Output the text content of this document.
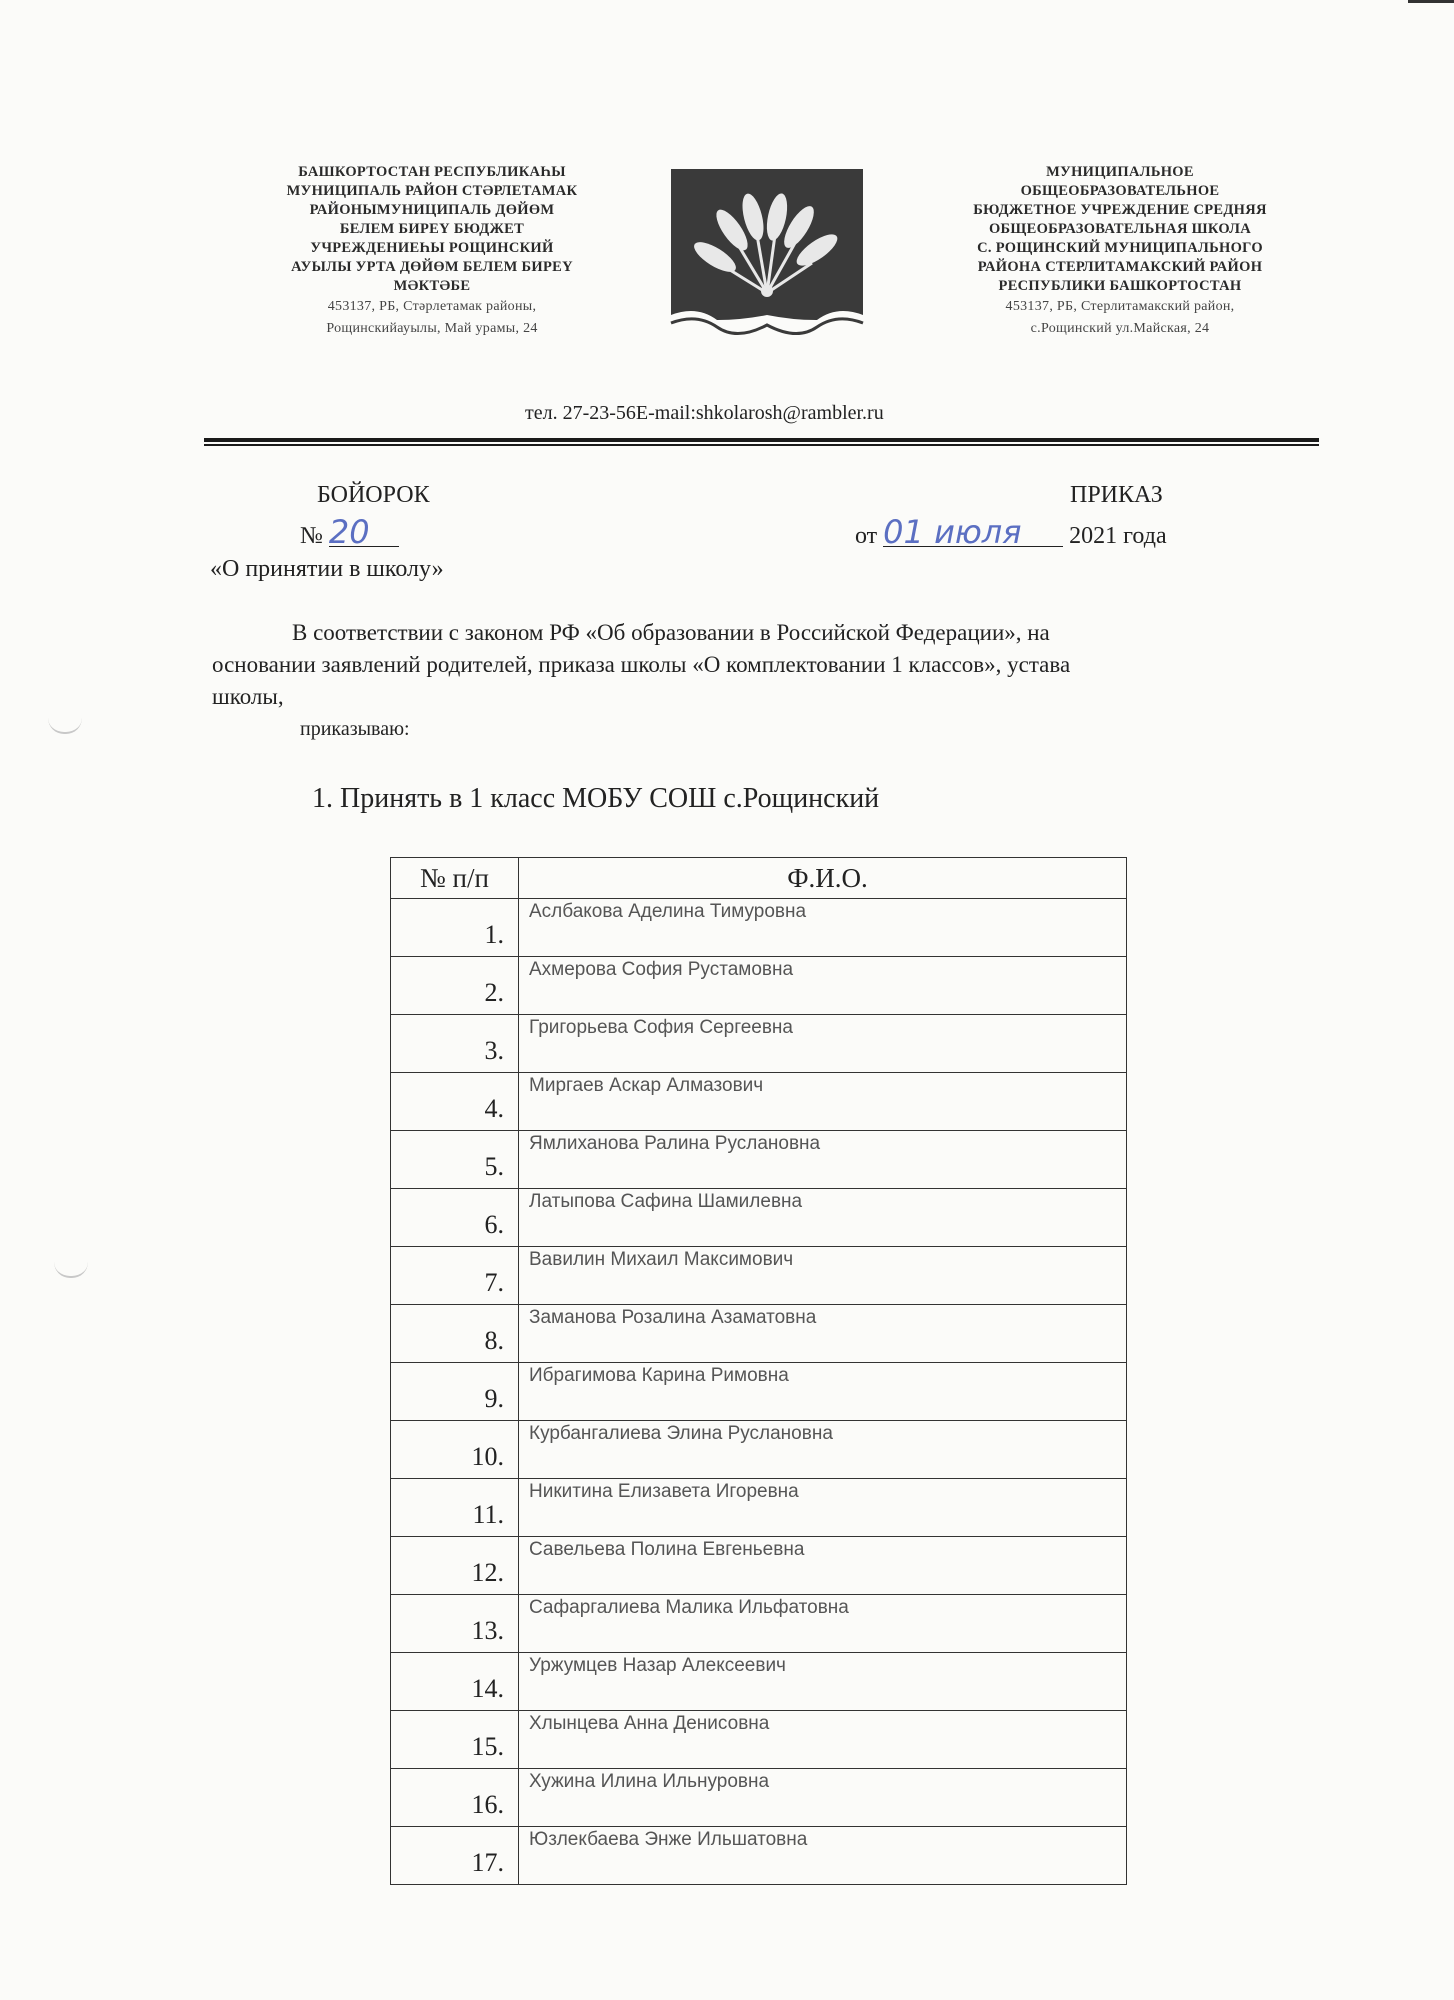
БАШКОРТОСТАН РЕСПУБЛИКАҺЫ
МУНИЦИПАЛЬ РАЙОН СТӘРЛЕТАМАК
РАЙОНЫМУНИЦИПАЛЬ ДӨЙӨМ
БЕЛЕМ БИРЕҮ БЮДЖЕТ
УЧРЕЖДЕНИЕҺЫ РОЩИНСКИЙ
АУЫЛЫ УРТА ДӨЙӨМ БЕЛЕМ БИРЕҮ
МӘКТӘБЕ
453137, РБ, Стәрлетамак районы,
Рощинскийауылы, Май урамы, 24
МУНИЦИПАЛЬНОЕ
ОБЩЕОБРАЗОВАТЕЛЬНОЕ
БЮДЖЕТНОЕ УЧРЕЖДЕНИЕ СРЕДНЯЯ
ОБЩЕОБРАЗОВАТЕЛЬНАЯ ШКОЛА
С. РОЩИНСКИЙ МУНИЦИПАЛЬНОГО
РАЙОНА СТЕРЛИТАМАКСКИЙ РАЙОН
РЕСПУБЛИКИ БАШКОРТОСТАН
453137, РБ, Стерлитамакский район,
с.Рощинский ул.Майская, 24
тел. 27-23-56E-mail:shkolarosh@rambler.ru
БОЙОРОК
№ 20
«О принятии в школу»
ПРИКАЗ
от 01 июля 2021 года
В соответствии с законом РФ «Об образовании в Российской Федерации», на
основании заявлений родителей, приказа школы «О комплектовании 1 классов», устава
школы,
приказываю:
1. Принять в 1 класс МОБУ СОШ с.Рощинский
№ п/п	Ф.И.О.
1.	Аслбакова Аделина Тимуровна
2.	Ахмерова София Рустамовна
3.	Григорьева София Сергеевна
4.	Миргаев Аскар Алмазович
5.	Ямлиханова Ралина Руслановна
6.	Латыпова Сафина Шамилевна
7.	Вавилин Михаил Максимович
8.	Заманова Розалина Азаматовна
9.	Ибрагимова Карина Римовна
10.	Курбангалиева Элина Руслановна
11.	Никитина Елизавета Игоревна
12.	Савельева Полина Евгеньевна
13.	Сафаргалиева Малика Ильфатовна
14.	Уржумцев Назар Алексеевич
15.	Хлынцева Анна Денисовна
16.	Хужина Илина Ильнуровна
17.	Юзлекбаева Энже Ильшатовна
